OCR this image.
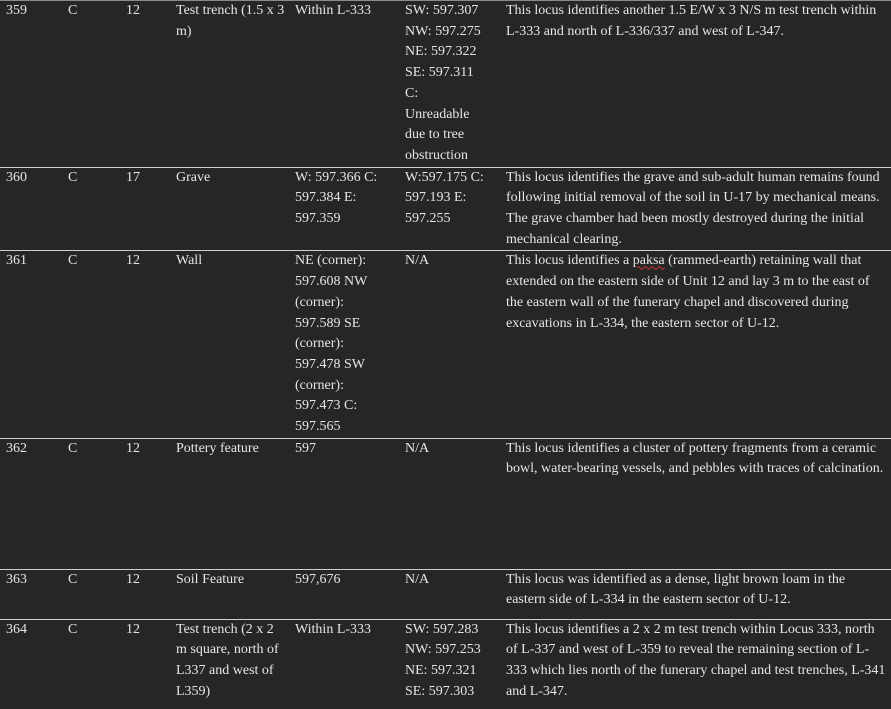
359	C	12	Test trench (1.5 x 3 m)	Within L-333	SW: 597.307 NW: 597.275 NE: 597.322 SE: 597.311 C: Unreadable due to tree obstruction	This locus identifies another 1.5 E/W x 3 N/S m test trench within L-333 and north of L-336/337 and west of L-347.
360	C	17	Grave	W: 597.366 C: 597.384 E: 597.359	W:597.175 C: 597.193 E: 597.255	This locus identifies the grave and sub-adult human remains found following initial removal of the soil in U-17 by mechanical means. The grave chamber had been mostly destroyed during the initial mechanical clearing.
361	C	12	Wall	NE (corner): 597.608 NW (corner): 597.589 SE (corner): 597.478 SW (corner): 597.473 C: 597.565	N/A	This locus identifies a paksa (rammed-earth) retaining wall that extended on the eastern side of Unit 12 and lay 3 m to the east of the eastern wall of the funerary chapel and discovered during excavations in L-334, the eastern sector of U-12.
362	C	12	Pottery feature	597	N/A	This locus identifies a cluster of pottery fragments from a ceramic bowl, water-bearing vessels, and pebbles with traces of calcination.
363	C	12	Soil Feature	597,676	N/A	This locus was identified as a dense, light brown loam in the eastern side of L-334 in the eastern sector of U-12.
364	C	12	Test trench (2 x 2 m square, north of L337 and west of L359)	Within L-333	SW: 597.283 NW: 597.253 NE: 597.321 SE: 597.303	This locus identifies a 2 x 2 m test trench within Locus 333, north of L-337 and west of L-359 to reveal the remaining section of L-333 which lies north of the funerary chapel and test trenches, L-341 and L-347.
